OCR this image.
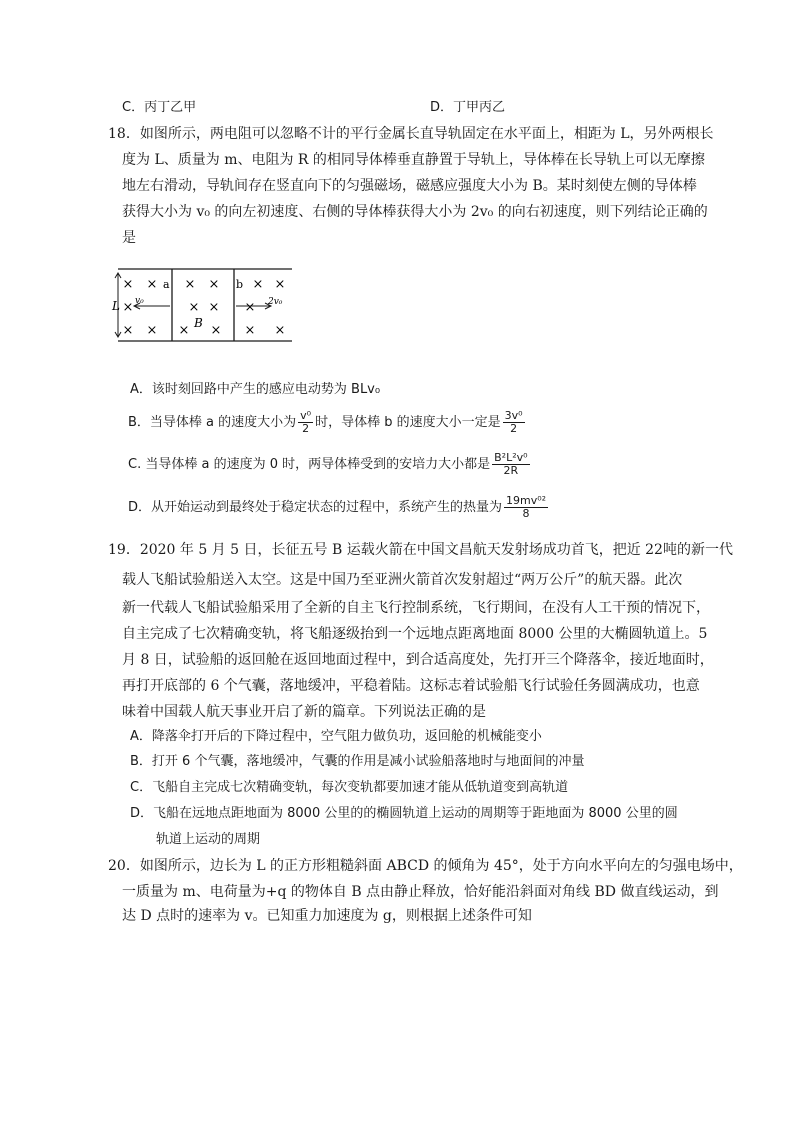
C．丙丁乙甲	D．丁甲丙乙
18．如图所示，两电阻可以忽略不计的平行金属长直导轨固定在水平面上，相距为 L，另外两根长
度为 L、质量为 m、电阻为 R 的相同导体棒垂直静置于导轨上，导体棒在长导轨上可以无摩擦
地左右滑动，导轨间存在竖直向下的匀强磁场，磁感应强度大小为 B。某时刻使左侧的导体棒
获得大小为 v₀ 的向左初速度、右侧的导体棒获得大小为 2v₀ 的向右初速度，则下列结论正确的
是
L
a	b
B
v₀	2v₀
× × × ×	× ×
×	× × ×
× × × × × ×
A．该时刻回路中产生的感应电动势为 BLv₀
B．当导体棒 a 的速度大小为 $\frac{\text{v⁰}}{2}$ 时，导体棒 b 的速度大小一定是 $\frac{\text{3v⁰}}{2}$
C. 当导体棒 a 的速度为 0 时，两导体棒受到的安培力大小都是 $\frac{\text{B²L²v⁰}}{2R}$
D．从开始运动到最终处于稳定状态的过程中，系统产生的热量为 $\frac{\text{19mv⁰²}}{8}$
19．2020 年 5 月 5 日，长征五号 B 运载火箭在中国文昌航天发射场成功首飞，把近 22吨的新一代
载人飞船试验船送入太空。这是中国乃至亚洲火箭首次发射超过“两万公斤”的航天器。此次
新一代载人飞船试验船采用了全新的自主飞行控制系统，飞行期间，在没有人工干预的情况下，
自主完成了七次精确变轨，将飞船逐级抬到一个远地点距离地面 8000 公里的大椭圆轨道上。5
月 8 日，试验船的返回舱在返回地面过程中，到合适高度处，先打开三个降落伞，接近地面时，
再打开底部的 6 个气囊，落地缓冲，平稳着陆。这标志着试验船飞行试验任务圆满成功，也意
味着中国载人航天事业开启了新的篇章。下列说法正确的是
A．降落伞打开后的下降过程中，空气阻力做负功，返回舱的机械能变小
B．打开 6 个气囊，落地缓冲，气囊的作用是减小试验船落地时与地面间的冲量
C．飞船自主完成七次精确变轨，每次变轨都要加速才能从低轨道变到高轨道
D．飞船在远地点距地面为 8000 公里的的椭圆轨道上运动的周期等于距地面为 8000 公里的圆
轨道上运动的周期
20．如图所示，边长为 L 的正方形粗糙斜面 ABCD 的倾角为 45°，处于方向水平向左的匀强电场中，
一质量为 m、电荷量为+q 的物体自 B 点由静止释放，恰好能沿斜面对角线 BD 做直线运动，到
达 D 点时的速率为 v。已知重力加速度为 g，则根据上述条件可知
